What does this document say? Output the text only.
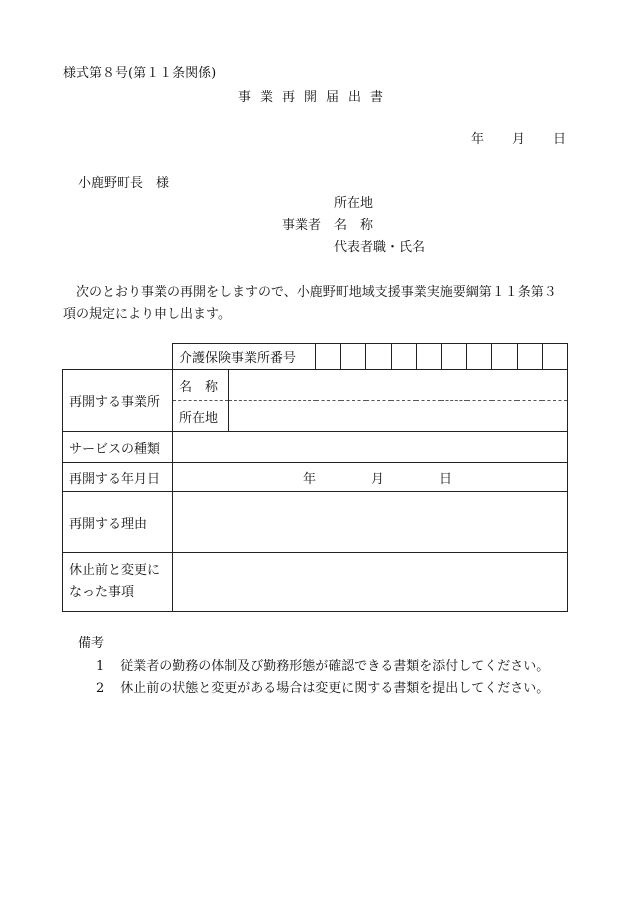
様式第８号(第１１条関係)
事業再開届出書
年 月 日
小鹿野町長　様
所在地
事業者 名　称
代表者職・氏名
　次のとおり事業の再開をしますので、小鹿野町地域支援事業実施要綱第１１条第３項の規定により申し出ます。
	介護保険事業所番号											
再開する事業所	名　称											
	所在地											
サービスの種類												
再開する年月日	年 月 日											
再開する理由												
休止前と変更に
なった事項												
備考
1 従業者の勤務の体制及び勤務形態が確認できる書類を添付してください。
2 休止前の状態と変更がある場合は変更に関する書類を提出してください。
